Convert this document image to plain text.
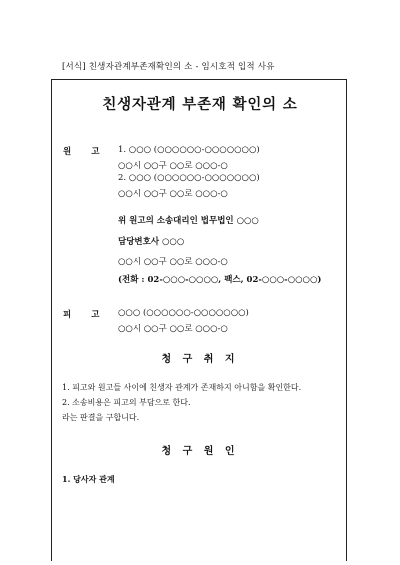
[서식] 친생자관계부존재확인의 소 - 임시호적 입적 사유
친생자관계 부존재 확인의 소
원 고 1. ○○○ (○○○○○○-○○○○○○○)
○○시 ○○구 ○○로 ○○○-○
2. ○○○ (○○○○○○-○○○○○○○)
○○시 ○○구 ○○로 ○○○-○
위 원고의 소송대리인 법무법인 ○○○
담당변호사 ○○○
○○시 ○○구 ○○로 ○○○-○
(전화 : 02-○○○-○○○○, 팩스, 02-○○○-○○○○)
피 고 ○○○ (○○○○○○-○○○○○○○)
○○시 ○○구 ○○로 ○○○-○
청 구 취 지
1. 피고와 원고들 사이에 친생자 관계가 존재하지 아니함을 확인한다.
2. 소송비용은 피고의 부담으로 한다.
라는 판결을 구합니다.
청 구 원 인
1. 당사자 관계
